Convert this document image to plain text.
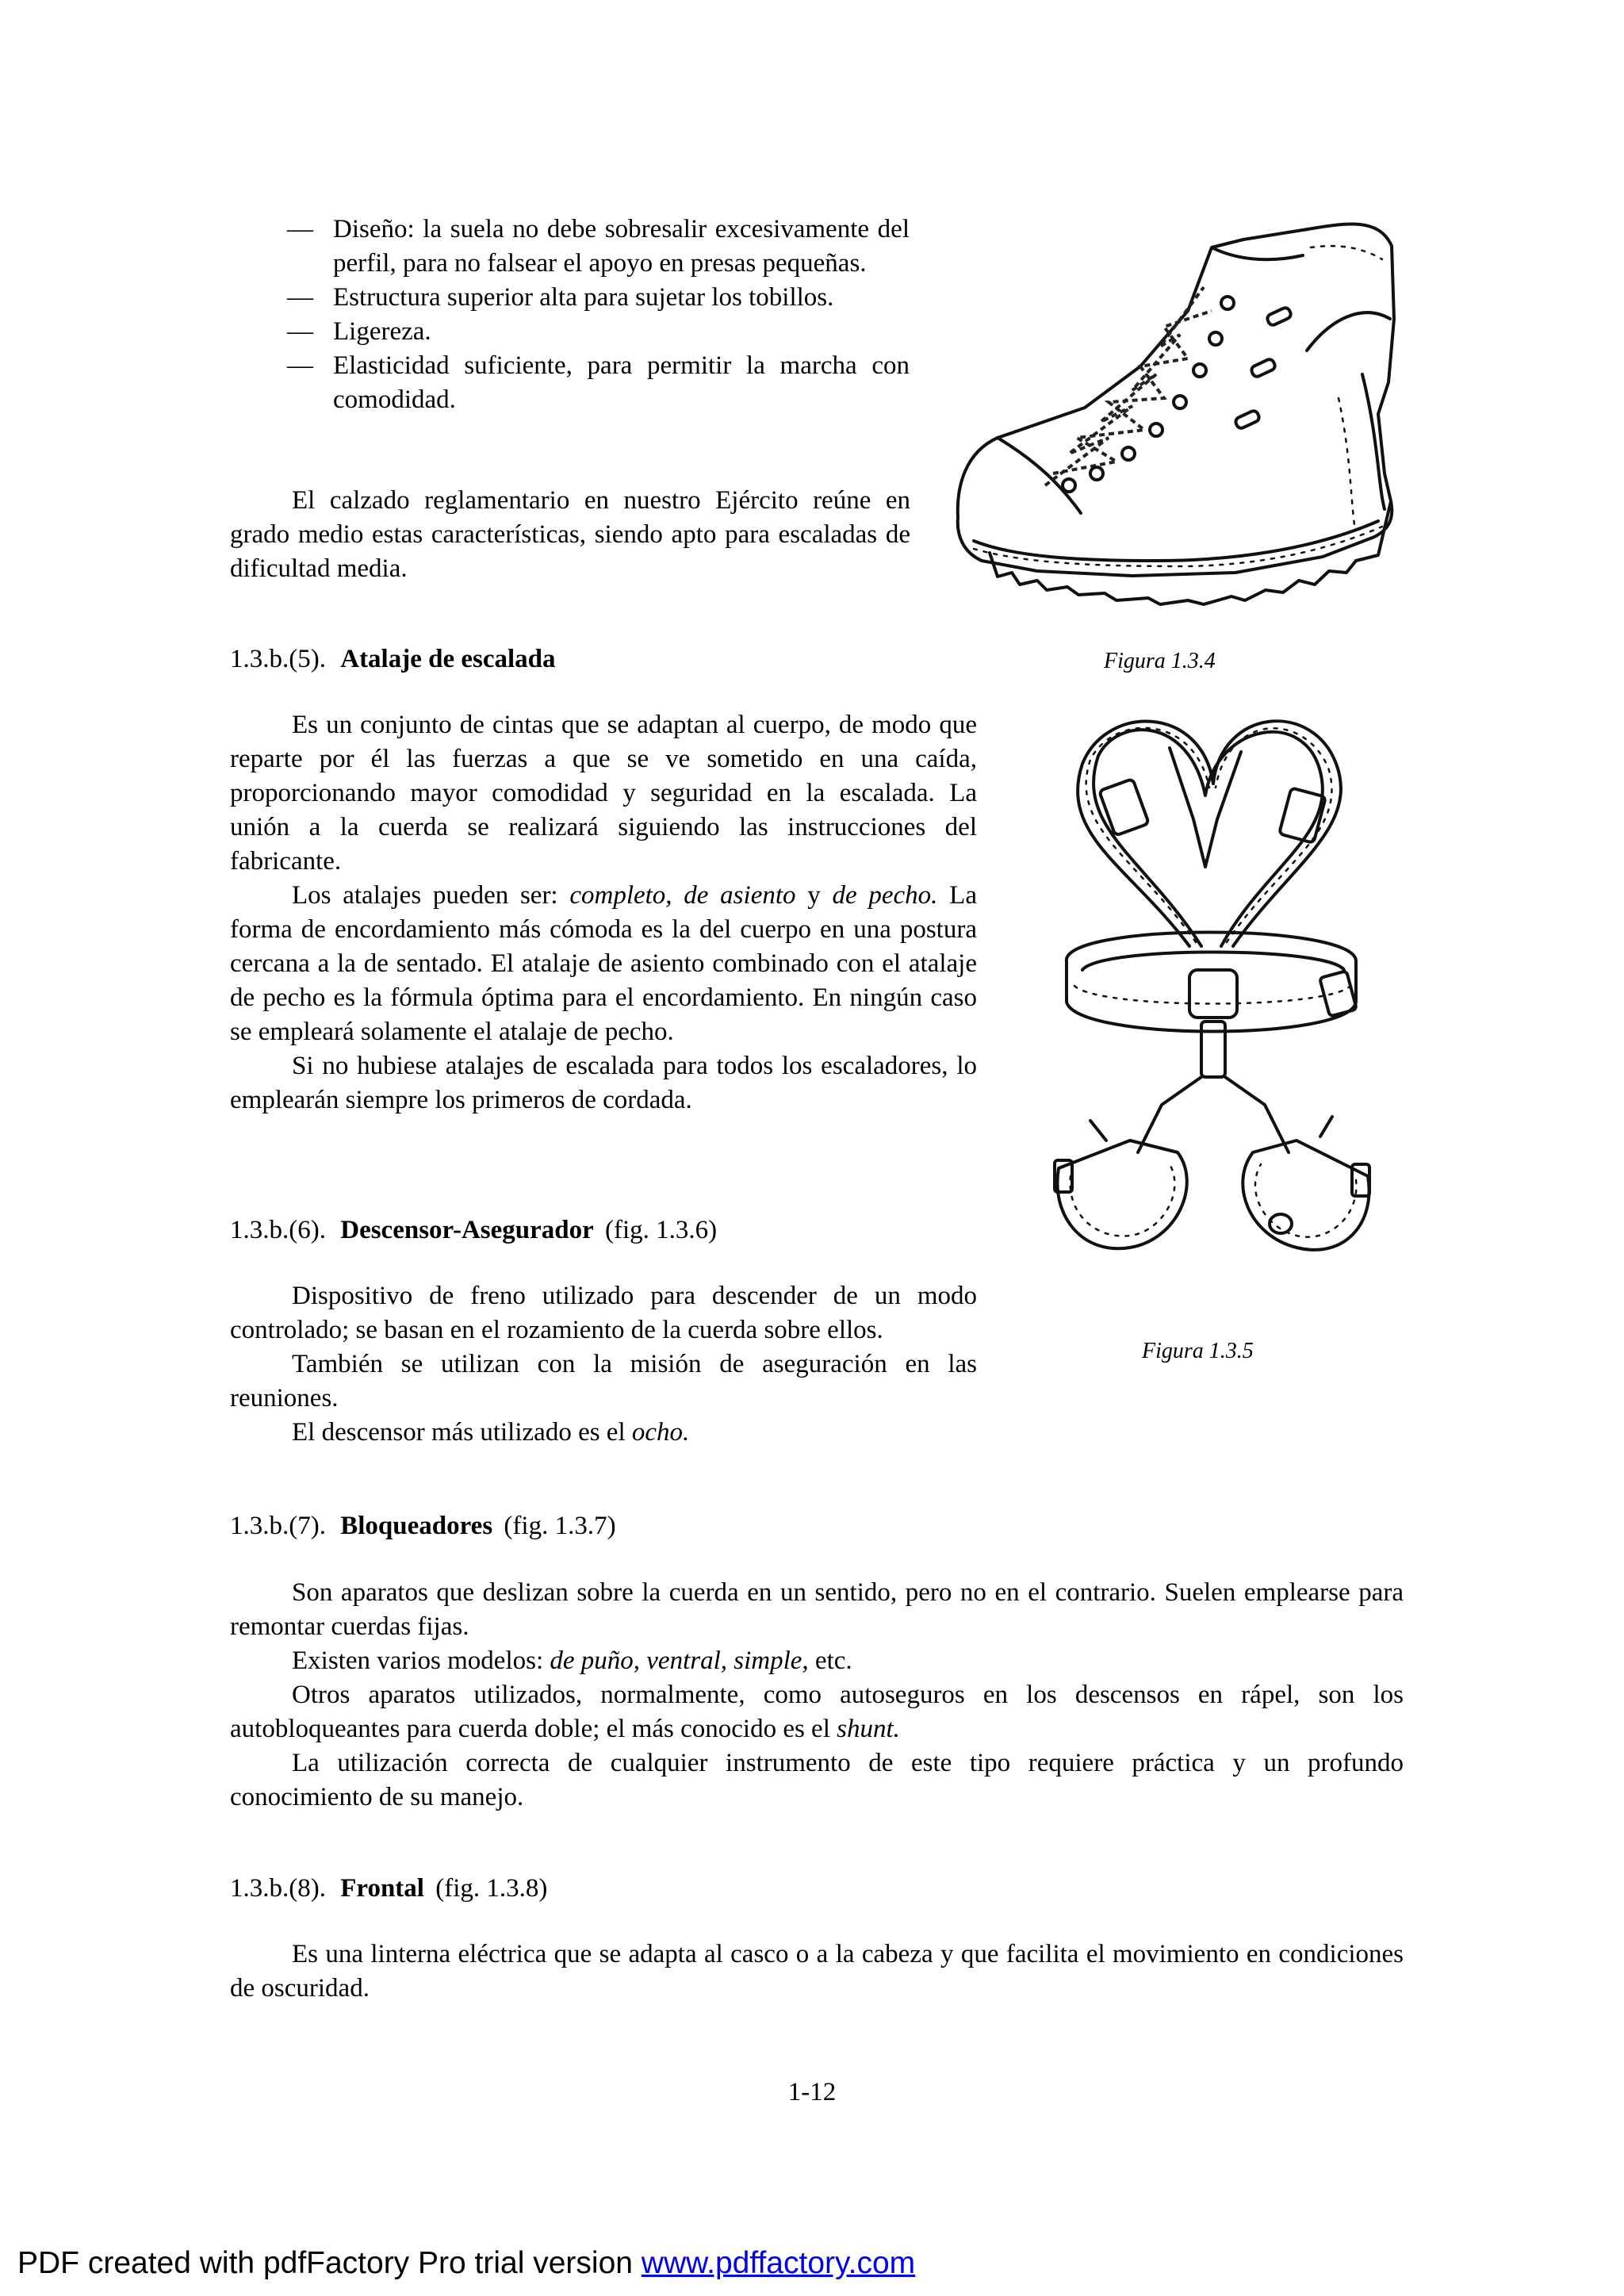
— Diseño: la suela no debe sobresalir excesivamente del perfil, para no falsear el apoyo en presas pequeñas.
— Estructura superior alta para sujetar los tobillos.
— Ligereza.
— Elasticidad suficiente, para permitir la marcha con comodidad.

El calzado reglamentario en nuestro Ejército reúne en grado medio estas características, siendo apto para escaladas de dificultad media.

Figura 1.3.4
1.3.b.(5). Atalaje de escalada

Es un conjunto de cintas que se adaptan al cuerpo, de modo que reparte por él las fuerzas a que se ve sometido en una caída, proporcionando mayor comodidad y seguridad en la escalada. La unión a la cuerda se realizará siguiendo las instrucciones del fabricante.

Los atalajes pueden ser: completo, de asiento y de pecho. La forma de encordamiento más cómoda es la del cuerpo en una postura cercana a la de sentado. El atalaje de asiento combinado con el atalaje de pecho es la fórmula óptima para el encordamiento. En ningún caso se empleará solamente el atalaje de pecho.

Si no hubiese atalajes de escalada para todos los escaladores, lo emplearán siempre los primeros de cordada.

Figura 1.3.5
1.3.b.(6). Descensor-Asegurador (fig. 1.3.6)

Dispositivo de freno utilizado para descender de un modo controlado; se basan en el rozamiento de la cuerda sobre ellos.

También se utilizan con la misión de aseguración en las reuniones.

El descensor más utilizado es el ocho.

1.3.b.(7). Bloqueadores (fig. 1.3.7)

Son aparatos que deslizan sobre la cuerda en un sentido, pero no en el contrario. Suelen emplearse para remontar cuerdas fijas.

Existen varios modelos: de puño, ventral, simple, etc.

Otros aparatos utilizados, normalmente, como autoseguros en los descensos en rápel, son los autobloqueantes para cuerda doble; el más conocido es el shunt.

La utilización correcta de cualquier instrumento de este tipo requiere práctica y un profundo conocimiento de su manejo.

1.3.b.(8). Frontal (fig. 1.3.8)

Es una linterna eléctrica que se adapta al casco o a la cabeza y que facilita el movimiento en condiciones de oscuridad.

1-12
PDF created with pdfFactory Pro trial version www.pdffactory.com
